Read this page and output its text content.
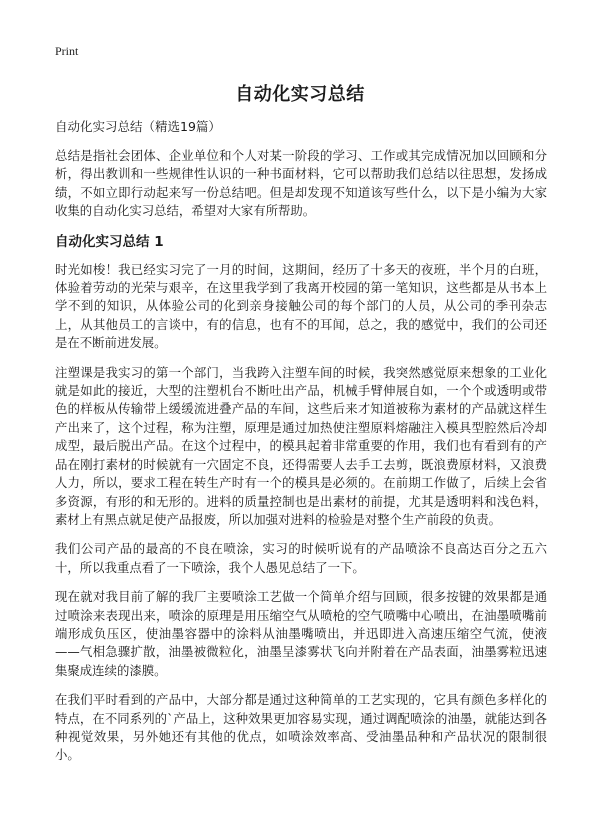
Print
自动化实习总结
自动化实习总结（精选19篇）

总结是指社会团体、企业单位和个人对某一阶段的学习、工作或其完成情况加以回顾和分析，得出教训和一些规律性认识的一种书面材料，它可以帮助我们总结以往思想，发扬成绩，不如立即行动起来写一份总结吧。但是却发现不知道该写些什么，以下是小编为大家收集的自动化实习总结，希望对大家有所帮助。

自动化实习总结 1

时光如梭！我已经实习完了一月的时间，这期间，经历了十多天的夜班，半个月的白班，体验着劳动的光荣与艰辛，在这里我学到了我离开校园的第一笔知识，这些都是从书本上学不到的知识，从体验公司的化到亲身接触公司的每个部门的人员，从公司的季刊杂志上，从其他员工的言谈中，有的信息，也有不的耳闻，总之，我的感觉中，我们的公司还是在不断前进发展。

注塑课是我实习的第一个部门，当我跨入注塑车间的时候，我突然感觉原来想象的工业化就是如此的接近，大型的注塑机台不断吐出产品，机械手臂伸展自如，一个个或透明或带色的样板从传输带上缓缓流进叠产品的车间，这些后来才知道被称为素材的产品就这样生产出来了，这个过程，称为注塑，原理是通过加热使注塑原料熔融注入模具型腔然后冷却成型，最后脱出产品。在这个过程中，的模具起着非常重要的作用，我们也有看到有的产品在刚打素材的时候就有一穴固定不良，还得需要人去手工去剪，既浪费原材料，又浪费人力，所以，要求工程在转生产时有一个的模具是必须的。在前期工作做了，后续上会省多资源，有形的和无形的。进料的质量控制也是出素材的前提，尤其是透明料和浅色料，素材上有黑点就足使产品报废，所以加强对进料的检验是对整个生产前段的负责。

我们公司产品的最高的不良在喷涂，实习的时候听说有的产品喷涂不良高达百分之五六十，所以我重点看了一下喷涂，我个人愚见总结了一下。

现在就对我目前了解的我厂主要喷涂工艺做一个简单介绍与回顾，很多按键的效果都是通过喷涂来表现出来，喷涂的原理是用压缩空气从喷枪的空气喷嘴中心喷出，在油墨喷嘴前端形成负压区，使油墨容器中的涂料从油墨嘴喷出，并迅即进入高速压缩空气流，使液——气相急骤扩散，油墨被微粒化，油墨呈漆雾状飞向并附着在产品表面，油墨雾粒迅速集聚成连续的漆膜。

在我们平时看到的产品中，大部分都是通过这种简单的工艺实现的，它具有颜色多样化的特点，在不同系列的`产品上，这种效果更加容易实现，通过调配喷涂的油墨，就能达到各种视觉效果，另外她还有其他的优点，如喷涂效率高、受油墨品种和产品状况的限制很小。
